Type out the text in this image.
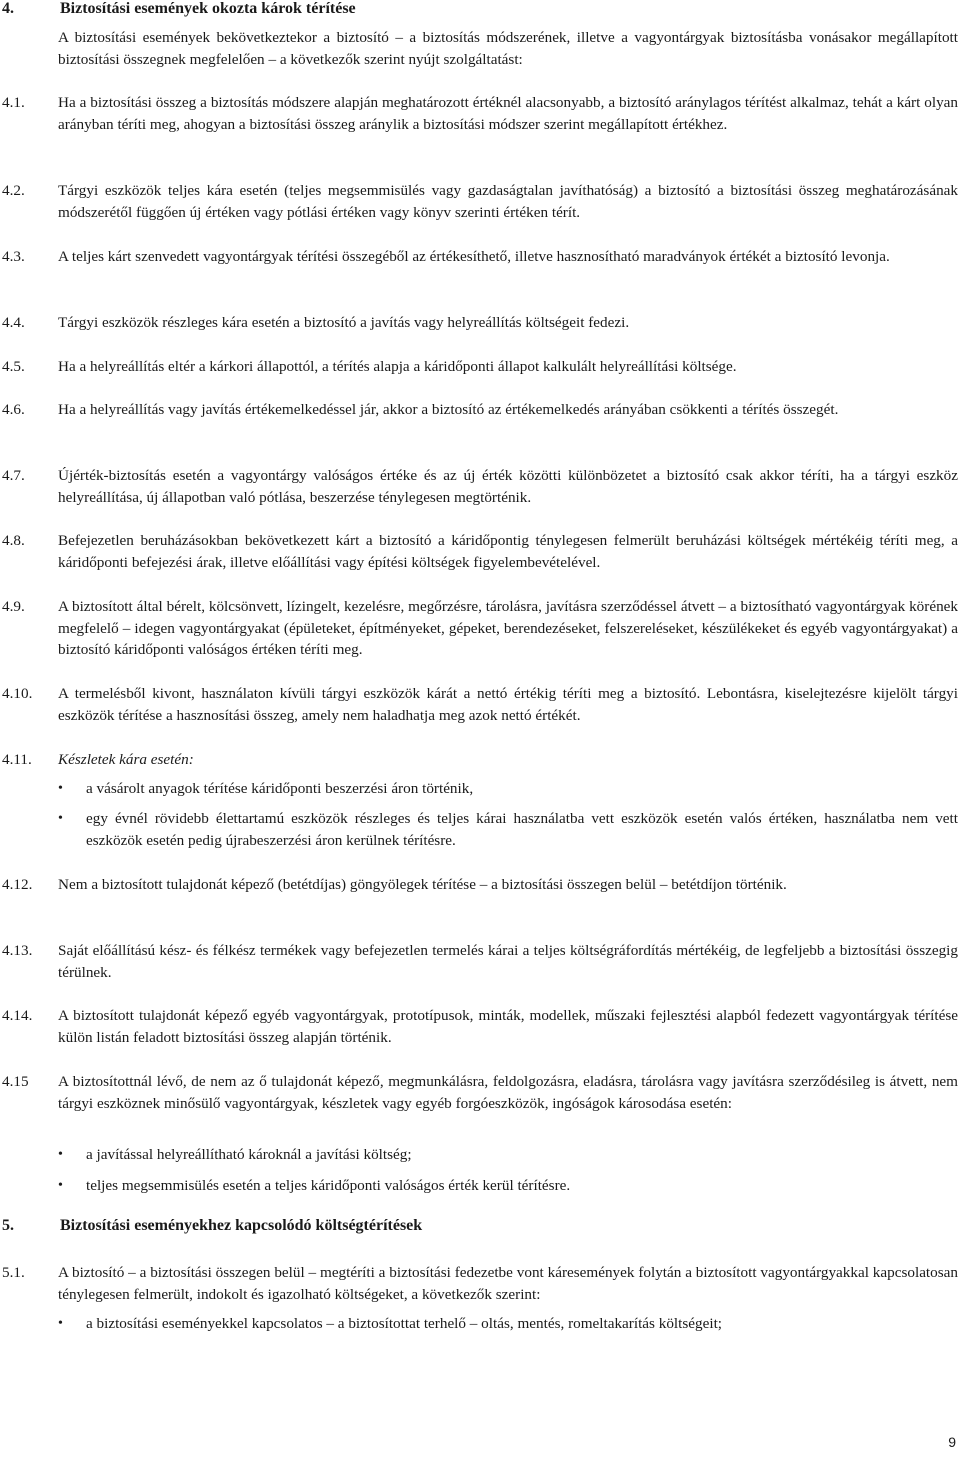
4.	Biztosítási események okozta károk térítése
A biztosítási események bekövetkeztekor a biztosító – a biztosítás módszerének, illetve a vagyontárgyak biztosításba vonásakor megállapított biztosítási összegnek megfelelően – a következők szerint nyújt szolgáltatást:
4.1. Ha a biztosítási összeg a biztosítás módszere alapján meghatározott értéknél alacsonyabb, a biztosító aránylagos térítést alkalmaz, tehát a kárt olyan arányban téríti meg, ahogyan a biztosítási összeg aránylik a biztosítási módszer szerint megállapított értékhez.
4.2. Tárgyi eszközök teljes kára esetén (teljes megsemmisülés vagy gazdaságtalan javíthatóság) a biztosító a biztosítási összeg meghatározásának módszerétől függően új értéken vagy pótlási értéken vagy könyv szerinti értéken térít.
4.3. A teljes kárt szenvedett vagyontárgyak térítési összegéből az értékesíthető, illetve hasznosítható maradványok értékét a biztosító levonja.
4.4. Tárgyi eszközök részleges kára esetén a biztosító a javítás vagy helyreállítás költségeit fedezi.
4.5. Ha a helyreállítás eltér a kárkori állapottól, a térítés alapja a káridőponti állapot kalkulált helyreállítási költsége.
4.6. Ha a helyreállítás vagy javítás értékemelkedéssel jár, akkor a biztosító az értékemelkedés arányában csökkenti a térítés összegét.
4.7. Újérték-biztosítás esetén a vagyontárgy valóságos értéke és az új érték közötti különbözetet a biztosító csak akkor téríti, ha a tárgyi eszköz helyreállítása, új állapotban való pótlása, beszerzése ténylegesen megtörténik.
4.8. Befejezetlen beruházásokban bekövetkezett kárt a biztosító a káridőpontig ténylegesen felmerült beruházási költségek mértékéig téríti meg, a káridőponti befejezési árak, illetve előállítási vagy építési költségek figyelembevételével.
4.9. A biztosított által bérelt, kölcsönvett, lízingelt, kezelésre, megőrzésre, tárolásra, javításra szerződéssel átvett – a biztosítható vagyontárgyak körének megfelelő – idegen vagyontárgyakat (épületeket, építményeket, gépeket, berendezéseket, felszereléseket, készülékeket és egyéb vagyontárgyakat) a biztosító káridőponti valóságos értéken téríti meg.
4.10. A termelésből kivont, használaton kívüli tárgyi eszközök kárát a nettó értékig téríti meg a biztosító. Lebontásra, kiselejtezésre kijelölt tárgyi eszközök térítése a hasznosítási összeg, amely nem haladhatja meg azok nettó értékét.
4.11. Készletek kára esetén:
• a vásárolt anyagok térítése káridőponti beszerzési áron történik,
• egy évnél rövidebb élettartamú eszközök részleges és teljes kárai használatba vett eszközök esetén valós értéken, használatba nem vett eszközök esetén pedig újrabeszerzési áron kerülnek térítésre.
4.12. Nem a biztosított tulajdonát képező (betétdíjas) göngyölegek térítése – a biztosítási összegen belül – betétdíjon történik.
4.13. Saját előállítású kész- és félkész termékek vagy befejezetlen termelés kárai a teljes költségráfordítás mértékéig, de legfeljebb a biztosítási összegig térülnek.
4.14. A biztosított tulajdonát képező egyéb vagyontárgyak, prototípusok, minták, modellek, műszaki fejlesztési alapból fedezett vagyontárgyak térítése külön listán feladott biztosítási összeg alapján történik.
4.15 A biztosítottnál lévő, de nem az ő tulajdonát képező, megmunkálásra, feldolgozásra, eladásra, tárolásra vagy javításra szerződésileg is átvett, nem tárgyi eszköznek minősülő vagyontárgyak, készletek vagy egyéb forgóeszközök, ingóságok károsodása esetén:
• a javítással helyreállítható károknál a javítási költség;
• teljes megsemmisülés esetén a teljes káridőponti valóságos érték kerül térítésre.
5.	Biztosítási eseményekhez kapcsolódó költségtérítések
5.1. A biztosító – a biztosítási összegen belül – megtéríti a biztosítási fedezetbe vont káresemények folytán a biztosított vagyontárgyakkal kapcsolatosan ténylegesen felmerült, indokolt és igazolható költségeket, a következők szerint:
• a biztosítási eseményekkel kapcsolatos – a biztosítottat terhelő – oltás, mentés, romeltakarítás költségeit;
9
